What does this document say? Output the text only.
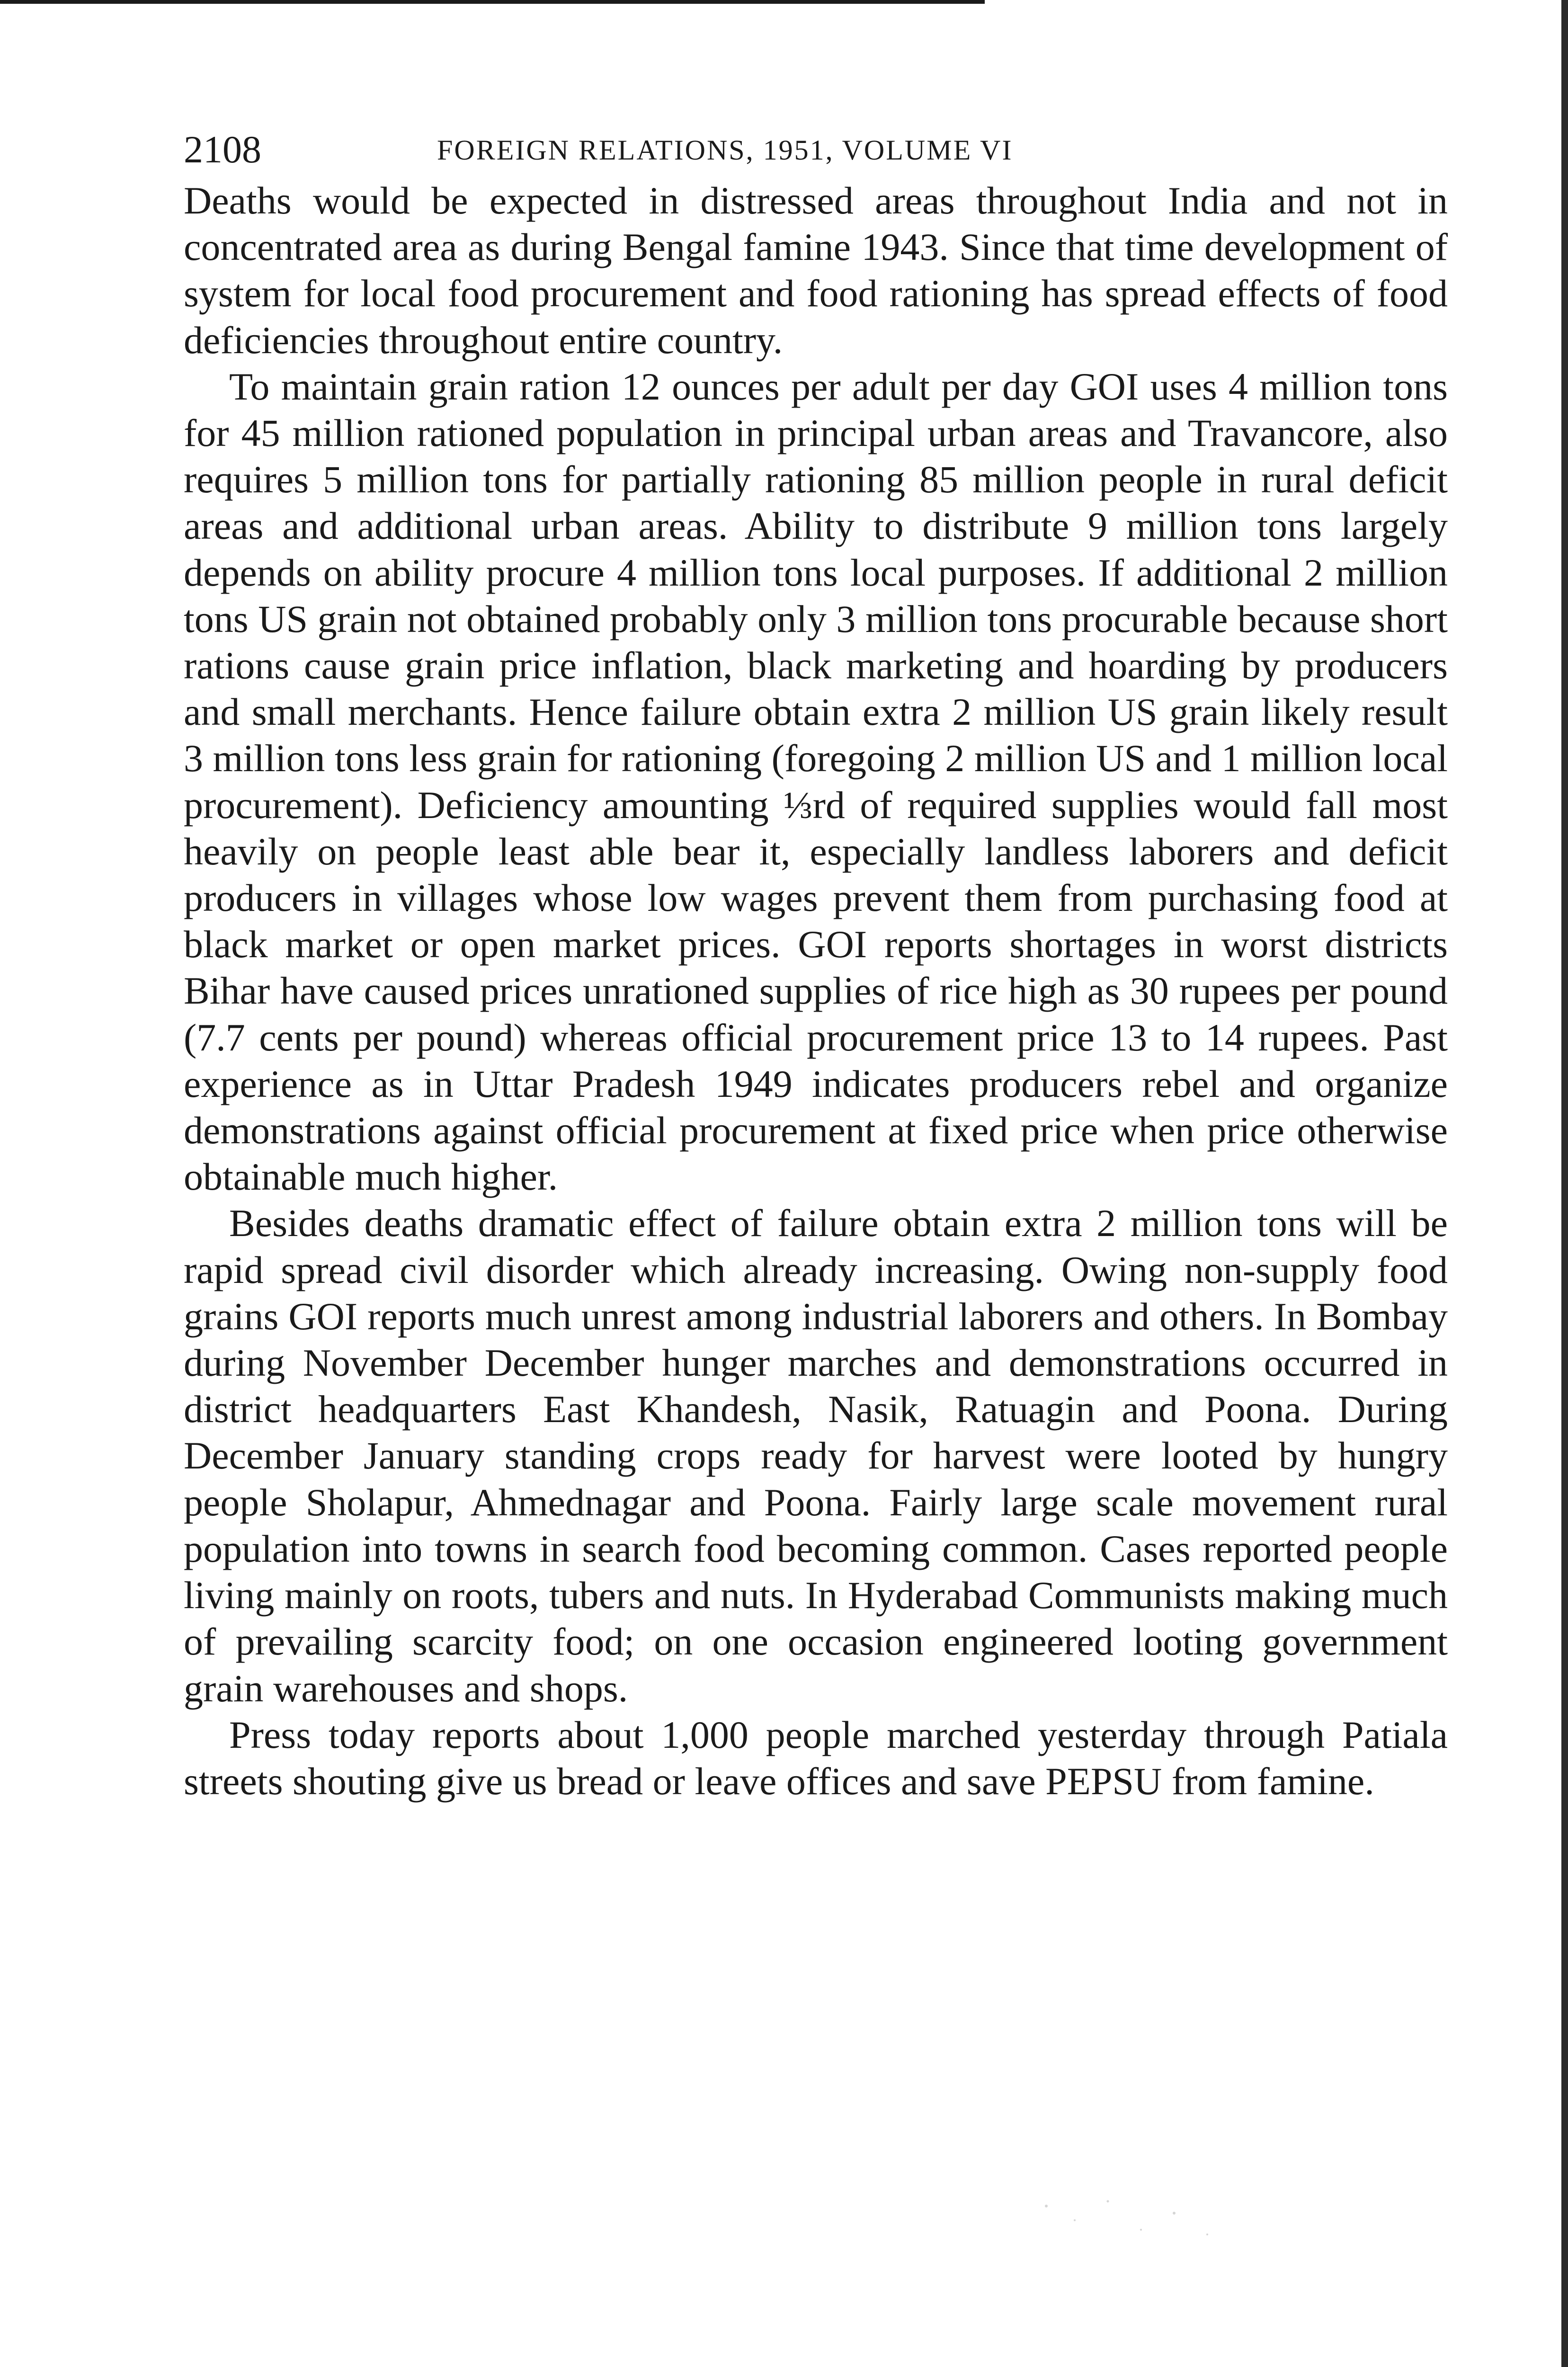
2108	FOREIGN RELATIONS, 1951, VOLUME VI

Deaths would be expected in distressed areas throughout India and not in concentrated area as during Bengal famine 1943. Since that time development of system for local food procurement and food rationing has spread effects of food deficiencies throughout entire country.

To maintain grain ration 12 ounces per adult per day GOI uses 4 million tons for 45 million rationed population in principal urban areas and Travancore, also requires 5 million tons for partially rationing 85 million people in rural deficit areas and additional urban areas. Ability to distribute 9 million tons largely depends on ability procure 4 million tons local purposes. If additional 2 million tons US grain not obtained probably only 3 million tons procurable because short rations cause grain price inflation, black marketing and hoarding by producers and small merchants. Hence failure obtain extra 2 million US grain likely result 3 million tons less grain for rationing (foregoing 2 million US and 1 million local procurement). Deficiency amounting ⅓rd of required supplies would fall most heavily on people least able bear it, especially landless laborers and deficit producers in villages whose low wages prevent them from purchasing food at black market or open market prices. GOI reports shortages in worst districts Bihar have caused prices unrationed supplies of rice high as 30 rupees per pound (7.7 cents per pound) whereas official procurement price 13 to 14 rupees. Past experience as in Uttar Pradesh 1949 indicates producers rebel and organize demonstrations against official procurement at fixed price when price otherwise obtainable much higher.

Besides deaths dramatic effect of failure obtain extra 2 million tons will be rapid spread civil disorder which already increasing. Owing non-supply food grains GOI reports much unrest among industrial laborers and others. In Bombay during November December hunger marches and demonstrations occurred in district headquarters East Khandesh, Nasik, Ratuagin and Poona. During December January standing crops ready for harvest were looted by hungry people Sholapur, Ahmednagar and Poona. Fairly large scale movement rural population into towns in search food becoming common. Cases reported people living mainly on roots, tubers and nuts. In Hyderabad Communists making much of prevailing scarcity food; on one occasion engineered looting government grain warehouses and shops.

Press today reports about 1,000 people marched yesterday through Patiala streets shouting give us bread or leave offices and save PEPSU from famine.
